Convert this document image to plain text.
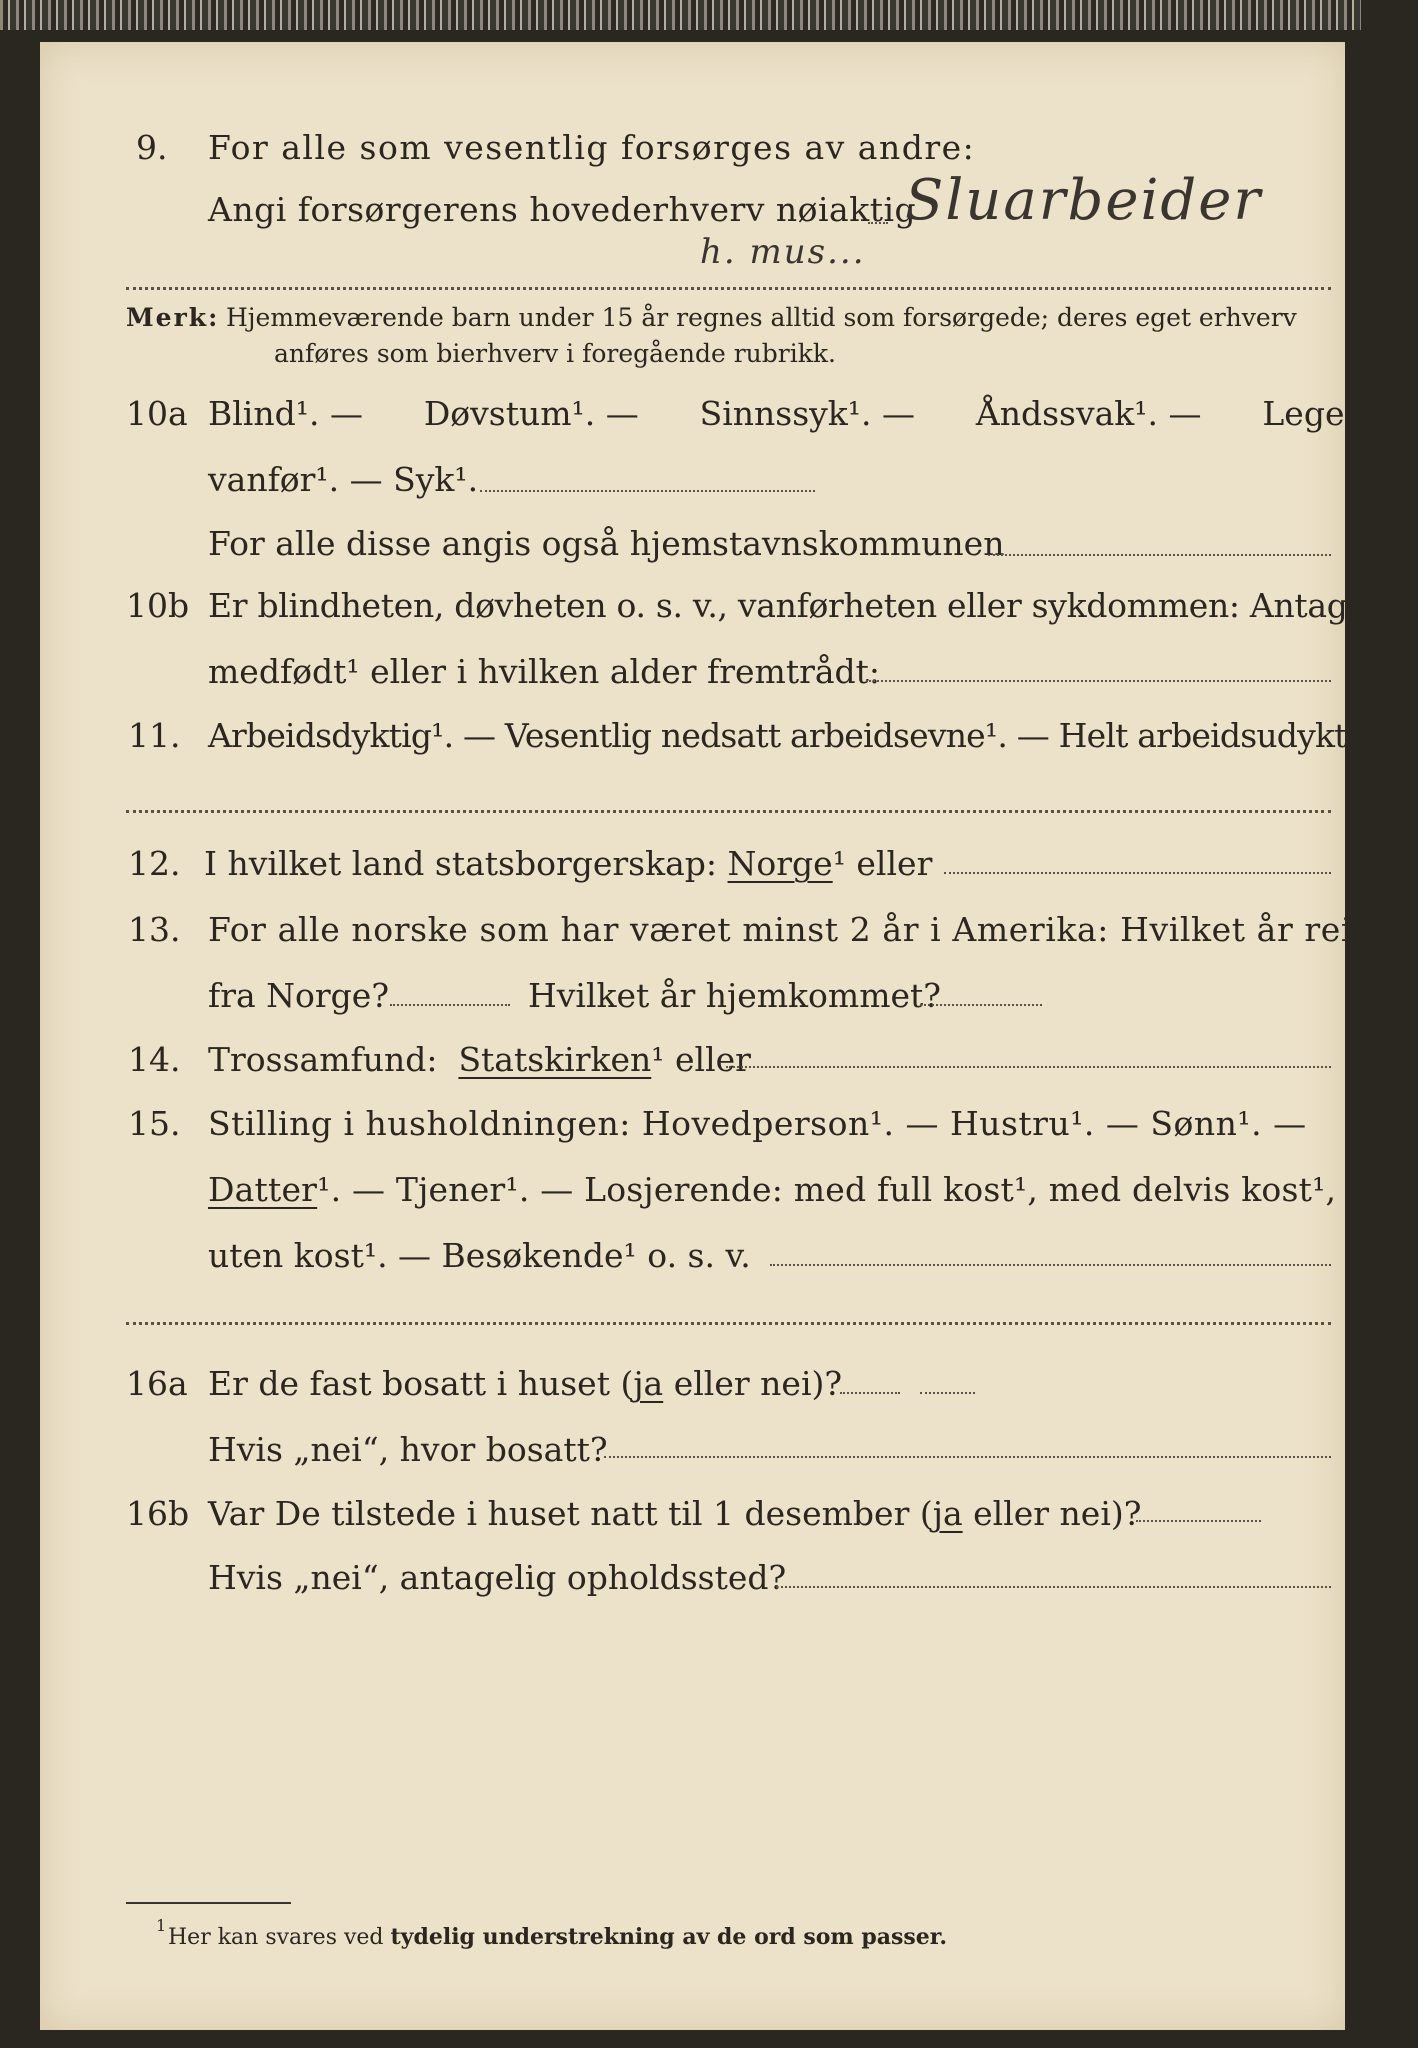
9.	For alle som vesentlig forsørges av andre:
Angi forsørgerens hovederhverv nøiaktig
Sluarbeider
h. mus...
Merk: Hjemmeværende barn under 15 år regnes alltid som forsørgede; deres eget erhverv
anføres som bierhverv i foregående rubrikk.
10a Blind¹. — Døvstum¹. — Sinnssyk¹. — Åndssvak¹. — Legemlig
vanfør¹. — Syk¹.
For alle disse angis også hjemstavnskommunen
10b Er blindheten, døvheten o. s. v., vanførheten eller sykdommen: Antagelig
medfødt¹ eller i hvilken alder fremtrådt:
11. Arbeidsdyktig¹. — Vesentlig nedsatt arbeidsevne¹. — Helt arbeidsudyktig¹.
12. I hvilket land statsborgerskap: Norge¹ eller
13. For alle norske som har været minst 2 år i Amerika: Hvilket år reist
fra Norge?	Hvilket år hjemkommet?
14. Trossamfund: Statskirken¹ eller
15. Stilling i husholdningen: Hovedperson¹. — Hustru¹. — Sønn¹. —
Datter¹. — Tjener¹. — Losjerende: med full kost¹, med delvis kost¹,
uten kost¹. — Besøkende¹ o. s. v.
16a Er de fast bosatt i huset (ja eller nei)?
Hvis „nei“, hvor bosatt?
16b Var De tilstede i huset natt til 1 desember (ja eller nei)?
Hvis „nei“, antagelig opholdssted?
1 Her kan svares ved tydelig understrekning av de ord som passer.
